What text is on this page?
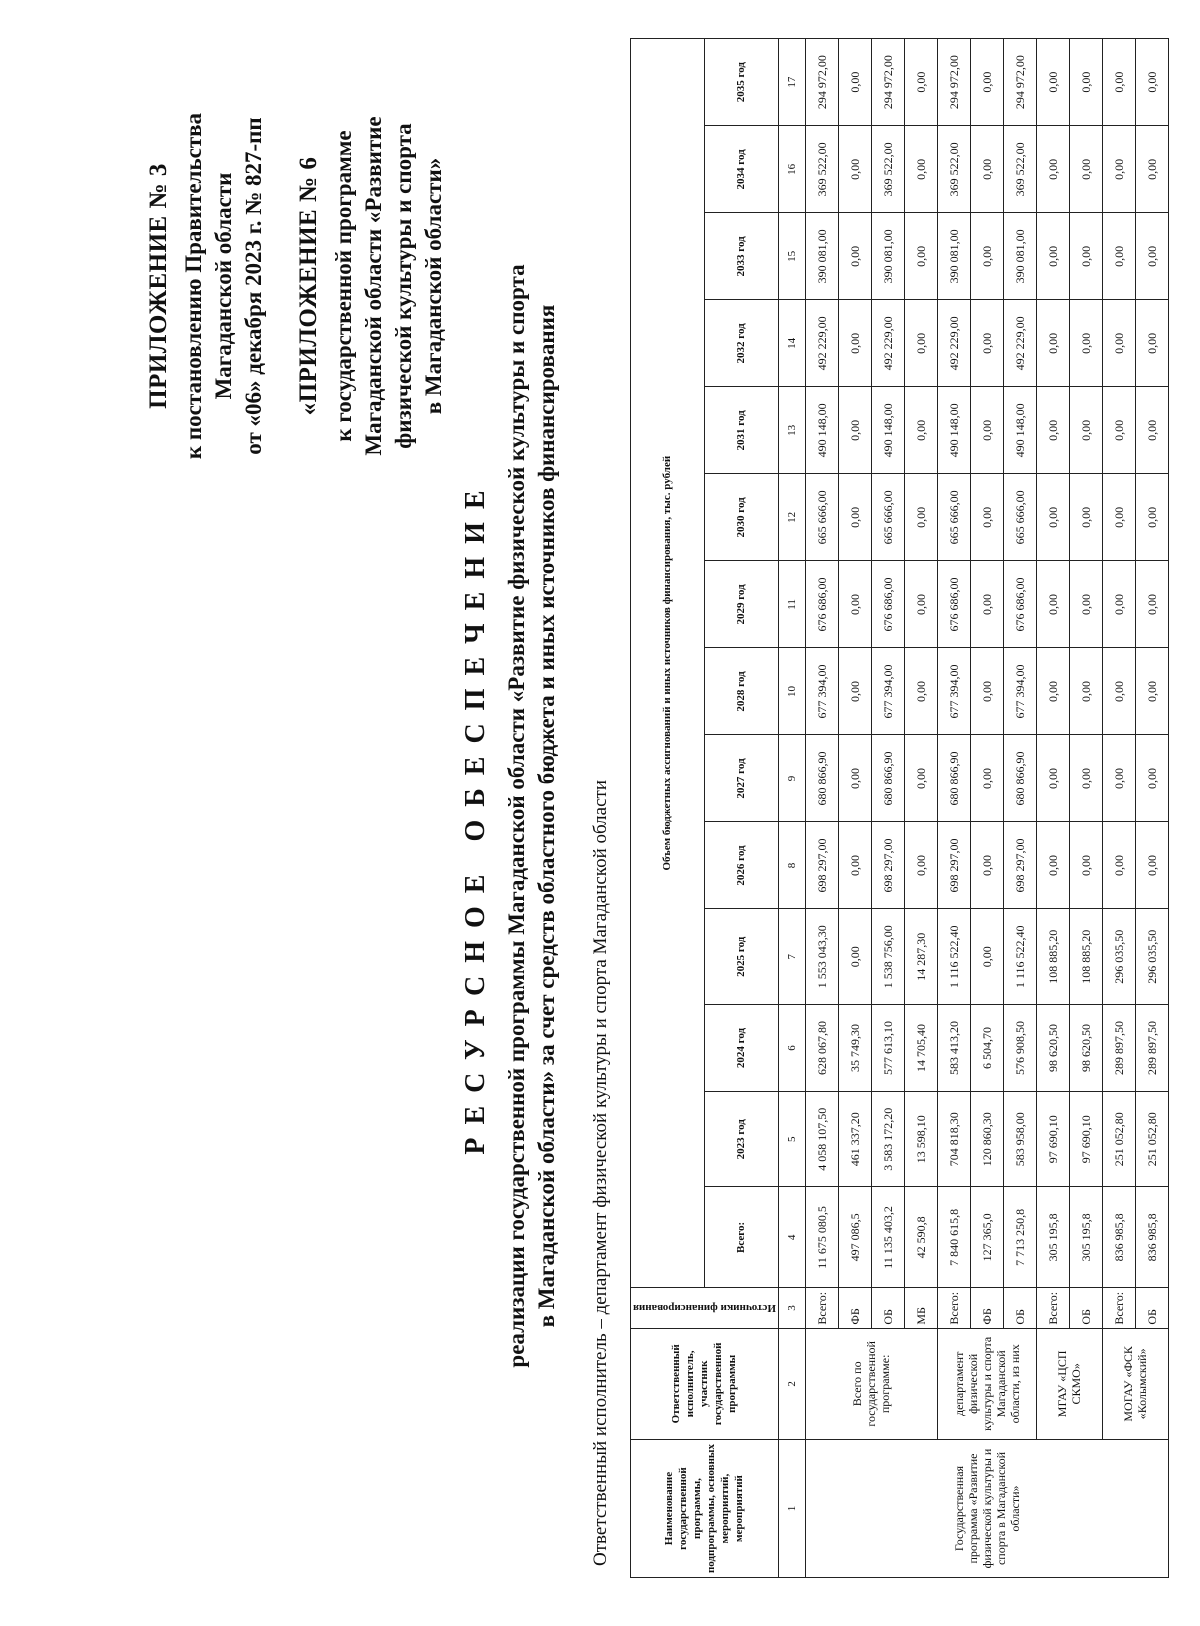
ПРИЛОЖЕНИЕ № 3 к постановлению Правительства Магаданской области от «06» декабря 2023 г. № 827-пп «ПРИЛОЖЕНИЕ № 6 к государственной программе Магаданской области «Развитие физической культуры и спорта в Магаданской области»
РЕСУРСНОЕ ОБЕСПЕЧЕНИЕ реализации государственной программы Магаданской области «Развитие физической культуры и спорта в Магаданской области» за счет средств областного бюджета и иных источников финансирования Ответственный исполнитель – департамент физической культуры и спорта Магаданской области	Наименование государственной программы, подпрограммы, основных мероприятий, мероприятий	Ответственный исполнитель, участник государственной программы	Источники финансирования	Объем бюджетных ассигнований и иных источников финансирования, тыс. рублей													
			Всего:	2023 год	2024 год	2025 год	2026 год	2027 год	2028 год	2029 год	2030 год	2031 год	2032 год	2033 год	2034 год	2035 год
1	2	3	4	5	6	7	8	9	10	11	12	13	14	15	16	17
Государственная программа «Развитие физической культуры и спорта в Магаданской области»	Всего по государственной программе:	Всего:	11 675 080,5	4 058 107,50	628 067,80	1 553 043,30	698 297,00	680 866,90	677 394,00	676 686,00	665 666,00	490 148,00	492 229,00	390 081,00	369 522,00	294 972,00
		ФБ	497 086,5	461 337,20	35 749,30	0,00	0,00	0,00	0,00	0,00	0,00	0,00	0,00	0,00	0,00	0,00
		ОБ	11 135 403,2	3 583 172,20	577 613,10	1 538 756,00	698 297,00	680 866,90	677 394,00	676 686,00	665 666,00	490 148,00	492 229,00	390 081,00	369 522,00	294 972,00
		МБ	42 590,8	13 598,10	14 705,40	14 287,30	0,00	0,00	0,00	0,00	0,00	0,00	0,00	0,00	0,00	0,00
	департамент физической культуры и спорта Магаданской области, из них	Всего:	7 840 615,8	704 818,30	583 413,20	1 116 522,40	698 297,00	680 866,90	677 394,00	676 686,00	665 666,00	490 148,00	492 229,00	390 081,00	369 522,00	294 972,00
		ФБ	127 365,0	120 860,30	6 504,70	0,00	0,00	0,00	0,00	0,00	0,00	0,00	0,00	0,00	0,00	0,00
		ОБ	7 713 250,8	583 958,00	576 908,50	1 116 522,40	698 297,00	680 866,90	677 394,00	676 686,00	665 666,00	490 148,00	492 229,00	390 081,00	369 522,00	294 972,00
	МГАУ «ЦСП СКМО»	Всего:	305 195,8	97 690,10	98 620,50	108 885,20	0,00	0,00	0,00	0,00	0,00	0,00	0,00	0,00	0,00	0,00
		ОБ	305 195,8	97 690,10	98 620,50	108 885,20	0,00	0,00	0,00	0,00	0,00	0,00	0,00	0,00	0,00	0,00
	МОГАУ «ФСК «Колымский»	Всего:	836 985,8	251 052,80	289 897,50	296 035,50	0,00	0,00	0,00	0,00	0,00	0,00	0,00	0,00	0,00	0,00
		ОБ	836 985,8	251 052,80	289 897,50	296 035,50	0,00	0,00	0,00	0,00	0,00	0,00	0,00	0,00	0,00	0,00
